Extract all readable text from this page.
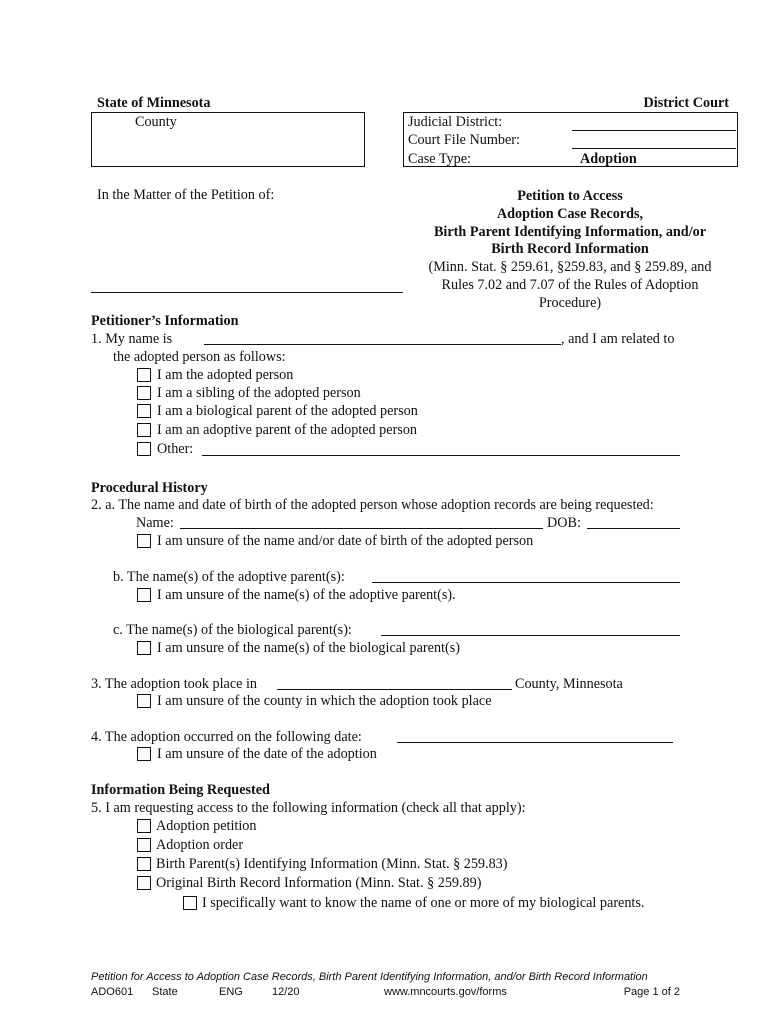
State of Minnesota	District Court
County	Judicial District:
Court File Number:
Case Type:	Adoption
In the Matter of the Petition of:	Petition to Access
Adoption Case Records,
Birth Parent Identifying Information, and/or
Birth Record Information
(Minn. Stat. § 259.61, §259.83, and § 259.89, and
Rules 7.02 and 7.07 of the Rules of Adoption
Procedure)
Petitioner’s Information
1. My name is	, and I am related to
the adopted person as follows:
I am the adopted person
I am a sibling of the adopted person
I am a biological parent of the adopted person
I am an adoptive parent of the adopted person
Other:
Procedural History
2. a. The name and date of birth of the adopted person whose adoption records are being requested:
Name:	DOB:
I am unsure of the name and/or date of birth of the adopted person
b. The name(s) of the adoptive parent(s):
I am unsure of the name(s) of the adoptive parent(s).
c. The name(s) of the biological parent(s):
I am unsure of the name(s) of the biological parent(s)
3. The adoption took place in	County, Minnesota
I am unsure of the county in which the adoption took place
4. The adoption occurred on the following date:
I am unsure of the date of the adoption
Information Being Requested
5. I am requesting access to the following information (check all that apply):
Adoption petition
Adoption order
Birth Parent(s) Identifying Information (Minn. Stat. § 259.83)
Original Birth Record Information (Minn. Stat. § 259.89)
I specifically want to know the name of one or more of my biological parents.
Petition for Access to Adoption Case Records, Birth Parent Identifying Information, and/or Birth Record Information
ADO601 State	ENG	12/20	www.mncourts.gov/forms	Page 1 of 2
